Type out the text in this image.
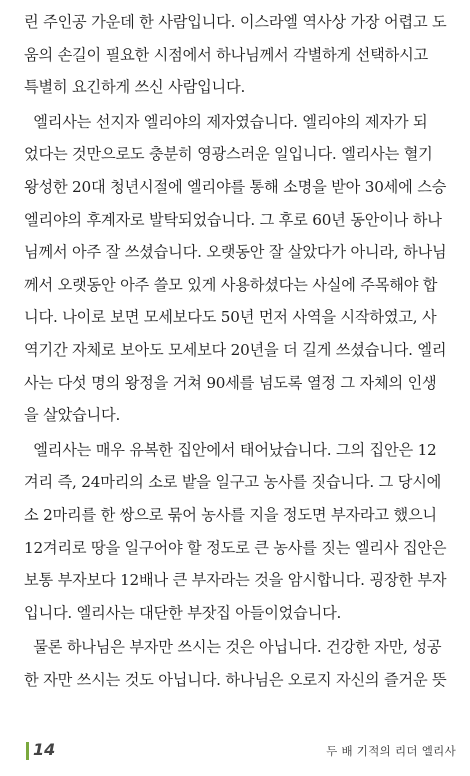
린 주인공 가운데 한 사람입니다. 이스라엘 역사상 가장 어렵고 도
움의 손길이 필요한 시점에서 하나님께서 각별하게 선택하시고
특별히 요긴하게 쓰신 사람입니다.
엘리사는 선지자 엘리야의 제자였습니다. 엘리야의 제자가 되
었다는 것만으로도 충분히 영광스러운 일입니다. 엘리사는 혈기
왕성한 20대 청년시절에 엘리야를 통해 소명을 받아 30세에 스승
엘리야의 후계자로 발탁되었습니다. 그 후로 60년 동안이나 하나
님께서 아주 잘 쓰셨습니다. 오랫동안 잘 살았다가 아니라, 하나님
께서 오랫동안 아주 쓸모 있게 사용하셨다는 사실에 주목해야 합
니다. 나이로 보면 모세보다도 50년 먼저 사역을 시작하였고, 사
역기간 자체로 보아도 모세보다 20년을 더 길게 쓰셨습니다. 엘리
사는 다섯 명의 왕정을 거쳐 90세를 넘도록 열정 그 자체의 인생
을 살았습니다.
엘리사는 매우 유복한 집안에서 태어났습니다. 그의 집안은 12
겨리 즉, 24마리의 소로 밭을 일구고 농사를 짓습니다. 그 당시에
소 2마리를 한 쌍으로 묶어 농사를 지을 정도면 부자라고 했으니
12겨리로 땅을 일구어야 할 정도로 큰 농사를 짓는 엘리사 집안은
보통 부자보다 12배나 큰 부자라는 것을 암시합니다. 굉장한 부자
입니다. 엘리사는 대단한 부잣집 아들이었습니다.
물론 하나님은 부자만 쓰시는 것은 아닙니다. 건강한 자만, 성공
한 자만 쓰시는 것도 아닙니다. 하나님은 오로지 자신의 즐거운 뜻
14	두 배 기적의 리더 엘리사
